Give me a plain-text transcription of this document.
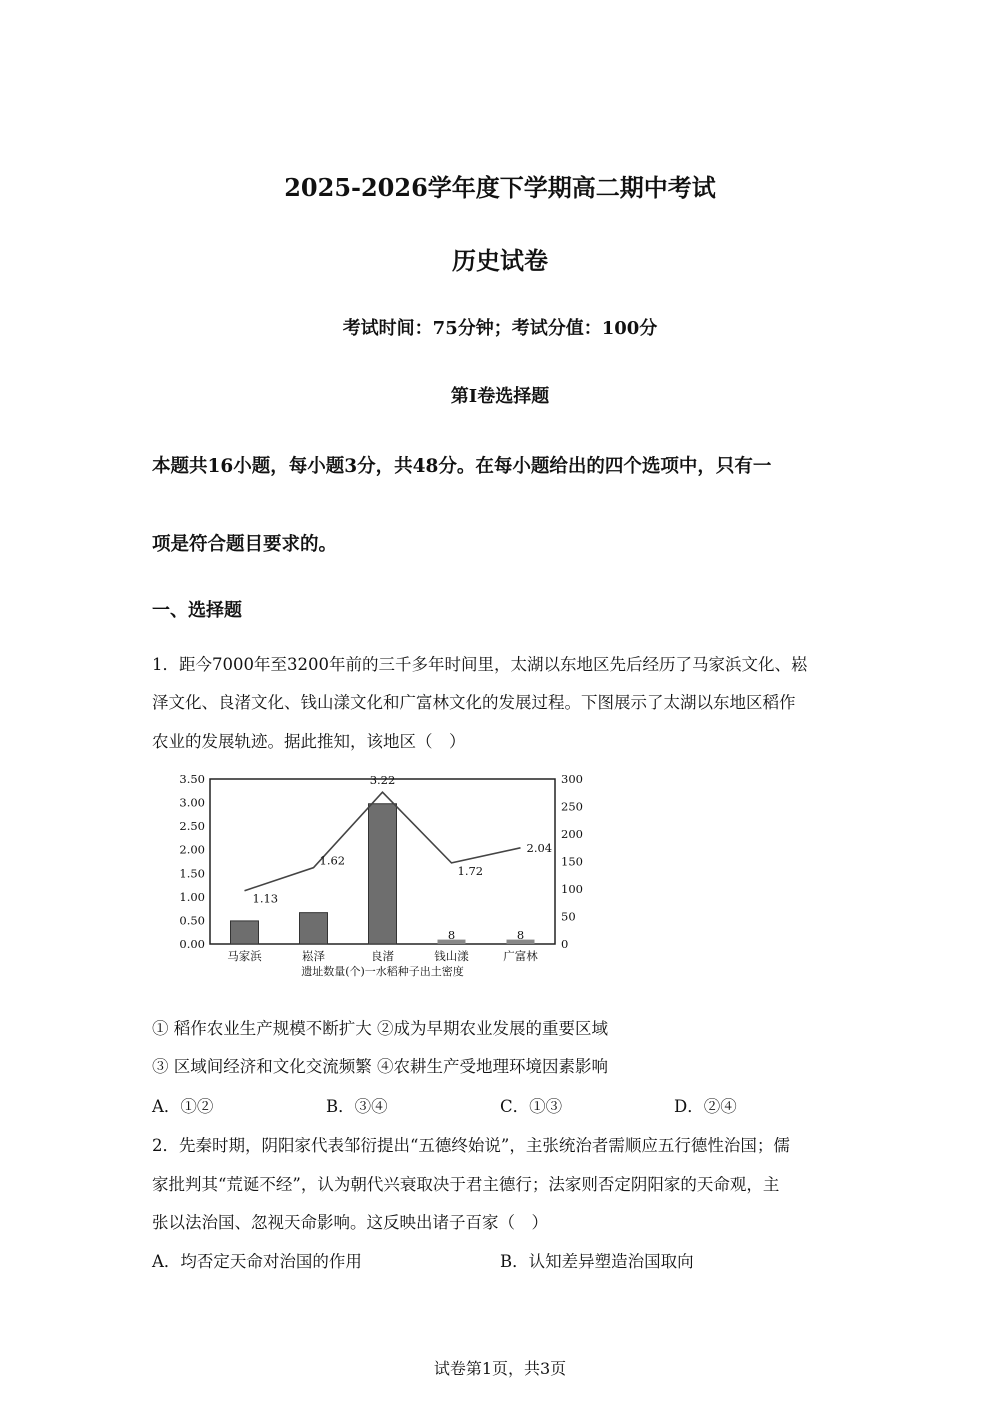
2025-2026学年度下学期高二期中考试
历史试卷
考试时间：75分钟；考试分值：100分
第Ⅰ卷选择题
本题共16小题，每小题3分，共48分。在每小题给出的四个选项中，只有一
项是符合题目要求的。
一、选择题
1．距今7000年至3200年前的三千多年时间里，太湖以东地区先后经历了马家浜文化、崧
泽文化、良渚文化、钱山漾文化和广富林文化的发展过程。下图展示了太湖以东地区稻作
农业的发展轨迹。据此推知，该地区（　）
3.50
3.00
2.50
2.00
1.50
1.00
0.50
0.00
300
250
200
150
100
50
0
8	8
1.13
1.62
3.22
1.72
2.04
马家浜	崧泽	良渚	钱山漾	广富林
遗址数量(个)一水稻种子出土密度
① 稻作农业生产规模不断扩大 ②成为早期农业发展的重要区域
③ 区域间经济和文化交流频繁 ④农耕生产受地理环境因素影响
A．①②	B．③④	C．①③	D．②④
2．先秦时期，阴阳家代表邹衍提出“五德终始说”，主张统治者需顺应五行德性治国；儒
家批判其“荒诞不经”，认为朝代兴衰取决于君主德行；法家则否定阴阳家的天命观，主
张以法治国、忽视天命影响。这反映出诸子百家（　）
A．均否定天命对治国的作用	B．认知差异塑造治国取向
试卷第1页，共3页
